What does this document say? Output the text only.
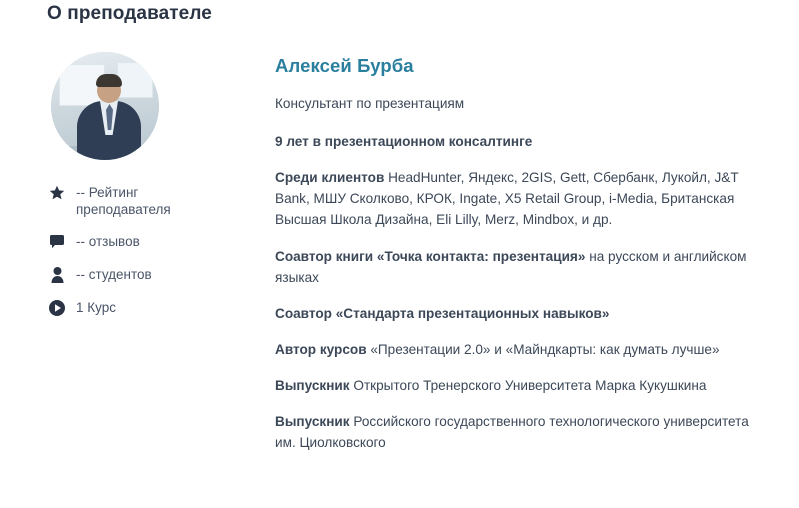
О преподавателе
-- Рейтинг преподавателя
-- отзывов
-- студентов
1 Курс
Алексей Бурба

Консультант по презентациям

9 лет в презентационном консалтинге

Среди клиентов HeadHunter, Яндекс, 2GIS, Gett, Сбербанк, Лукойл, J&T Bank, МШУ Сколково, КРОК, Ingate, X5 Retail Group, i-Media, Британская Высшая Школа Дизайна, Eli Lilly, Merz, Mindbox, и др.

Соавтор книги «Точка контакта: презентация» на русском и английском языках

Соавтор «Стандарта презентационных навыков»

Автор курсов «Презентации 2.0» и «Майндкарты: как думать лучше»

Выпускник Открытого Тренерского Университета Марка Кукушкина

Выпускник Российского государственного технологического университета им. Циолковского
